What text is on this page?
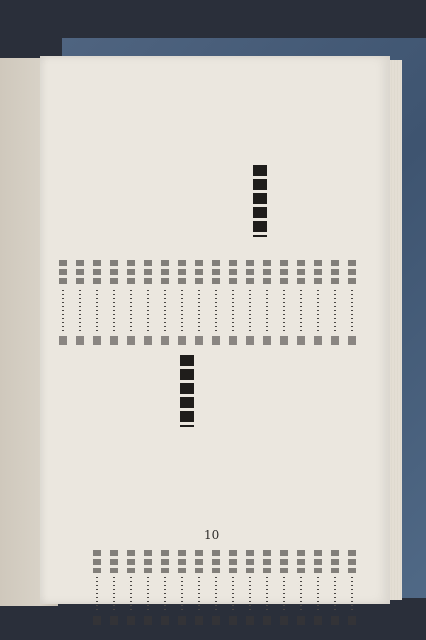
10
